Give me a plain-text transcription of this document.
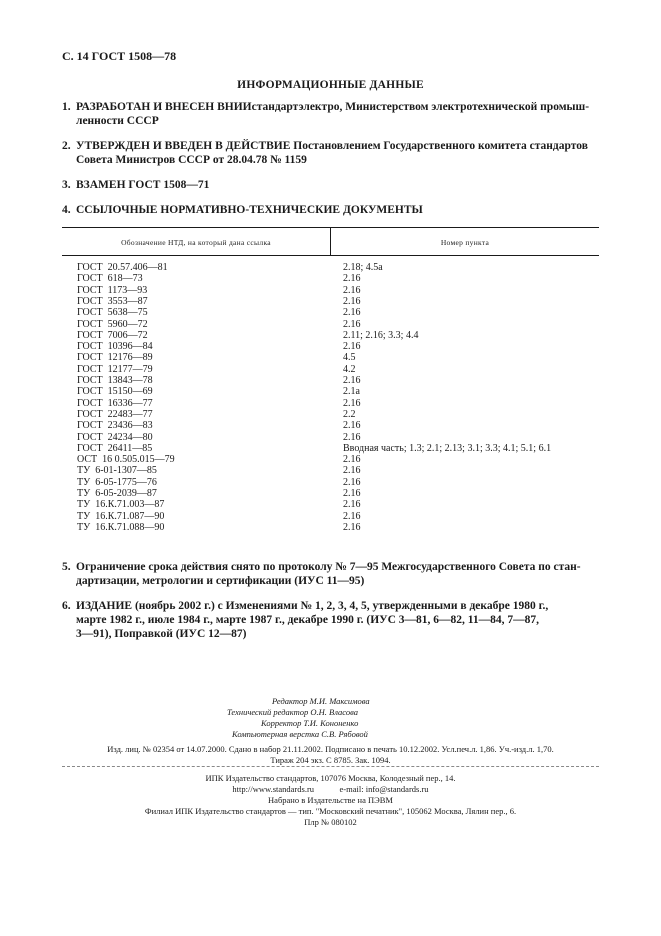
С. 14 ГОСТ 1508—78
ИНФОРМАЦИОННЫЕ ДАННЫЕ
1. РАЗРАБОТАН И ВНЕСЕН ВНИИстандартэлектро, Министерством электротехнической промыш-
ленности СССР
2. УТВЕРЖДЕН И ВВЕДЕН В ДЕЙСТВИЕ Постановлением Государственного комитета стандартов
Совета Министров СССР от 28.04.78 № 1159
3. ВЗАМЕН ГОСТ 1508—71
4. ССЫЛОЧНЫЕ НОРМАТИВНО-ТЕХНИЧЕСКИЕ ДОКУМЕНТЫ
Обозначение НТД, на который дана ссылка	Номер пункта
ГОСТ  20.57.406—81	2.18; 4.5а
ГОСТ  618—73	2.16
ГОСТ  1173—93	2.16
ГОСТ  3553—87	2.16
ГОСТ  5638—75	2.16
ГОСТ  5960—72	2.16
ГОСТ  7006—72	2.11; 2.16; 3.3; 4.4
ГОСТ  10396—84	2.16
ГОСТ  12176—89	4.5
ГОСТ  12177—79	4.2
ГОСТ  13843—78	2.16
ГОСТ  15150—69	2.1а
ГОСТ  16336—77	2.16
ГОСТ  22483—77	2.2
ГОСТ  23436—83	2.16
ГОСТ  24234—80	2.16
ГОСТ  26411—85	Вводная часть; 1.3; 2.1; 2.13; 3.1; 3.3; 4.1; 5.1; 6.1
ОСТ  16 0.505.015—79	2.16
ТУ  6-01-1307—85	2.16
ТУ  6-05-1775—76	2.16
ТУ  6-05-2039—87	2.16
ТУ  16.К.71.003—87	2.16
ТУ  16.К.71.087—90	2.16
ТУ  16.К.71.088—90	2.16
5. Ограничение срока действия снято по протоколу № 7—95 Межгосударственного Совета по стан-
дартизации, метрологии и сертификации (ИУС 11—95)
6. ИЗДАНИЕ (ноябрь 2002 г.) с Изменениями № 1, 2, 3, 4, 5, утвержденными в декабре 1980 г.,
марте 1982 г., июле 1984 г., марте 1987 г., декабре 1990 г. (ИУС 3—81, 6—82, 11—84, 7—87,
3—91), Поправкой (ИУС 12—87)
Редактор М.И. Максимова
Технический редактор О.Н. Власова
Корректор Т.И. Кононенко
Компьютерная верстка С.В. Рябовой
Изд. лиц. № 02354 от 14.07.2000. Сдано в набор 21.11.2002. Подписано в печать 10.12.2002. Усл.печ.л. 1,86. Уч.-изд.л. 1,70.
Тираж 204 экз. С 8785. Зак. 1094.
ИПК Издательство стандартов, 107076 Москва, Колодезный пер., 14.
http://www.standards.ru            e-mail: info@standards.ru
Набрано в Издательстве на ПЭВМ
Филиал ИПК Издательство стандартов — тип. "Московский печатник", 105062 Москва, Лялин пер., 6.
Плр № 080102
